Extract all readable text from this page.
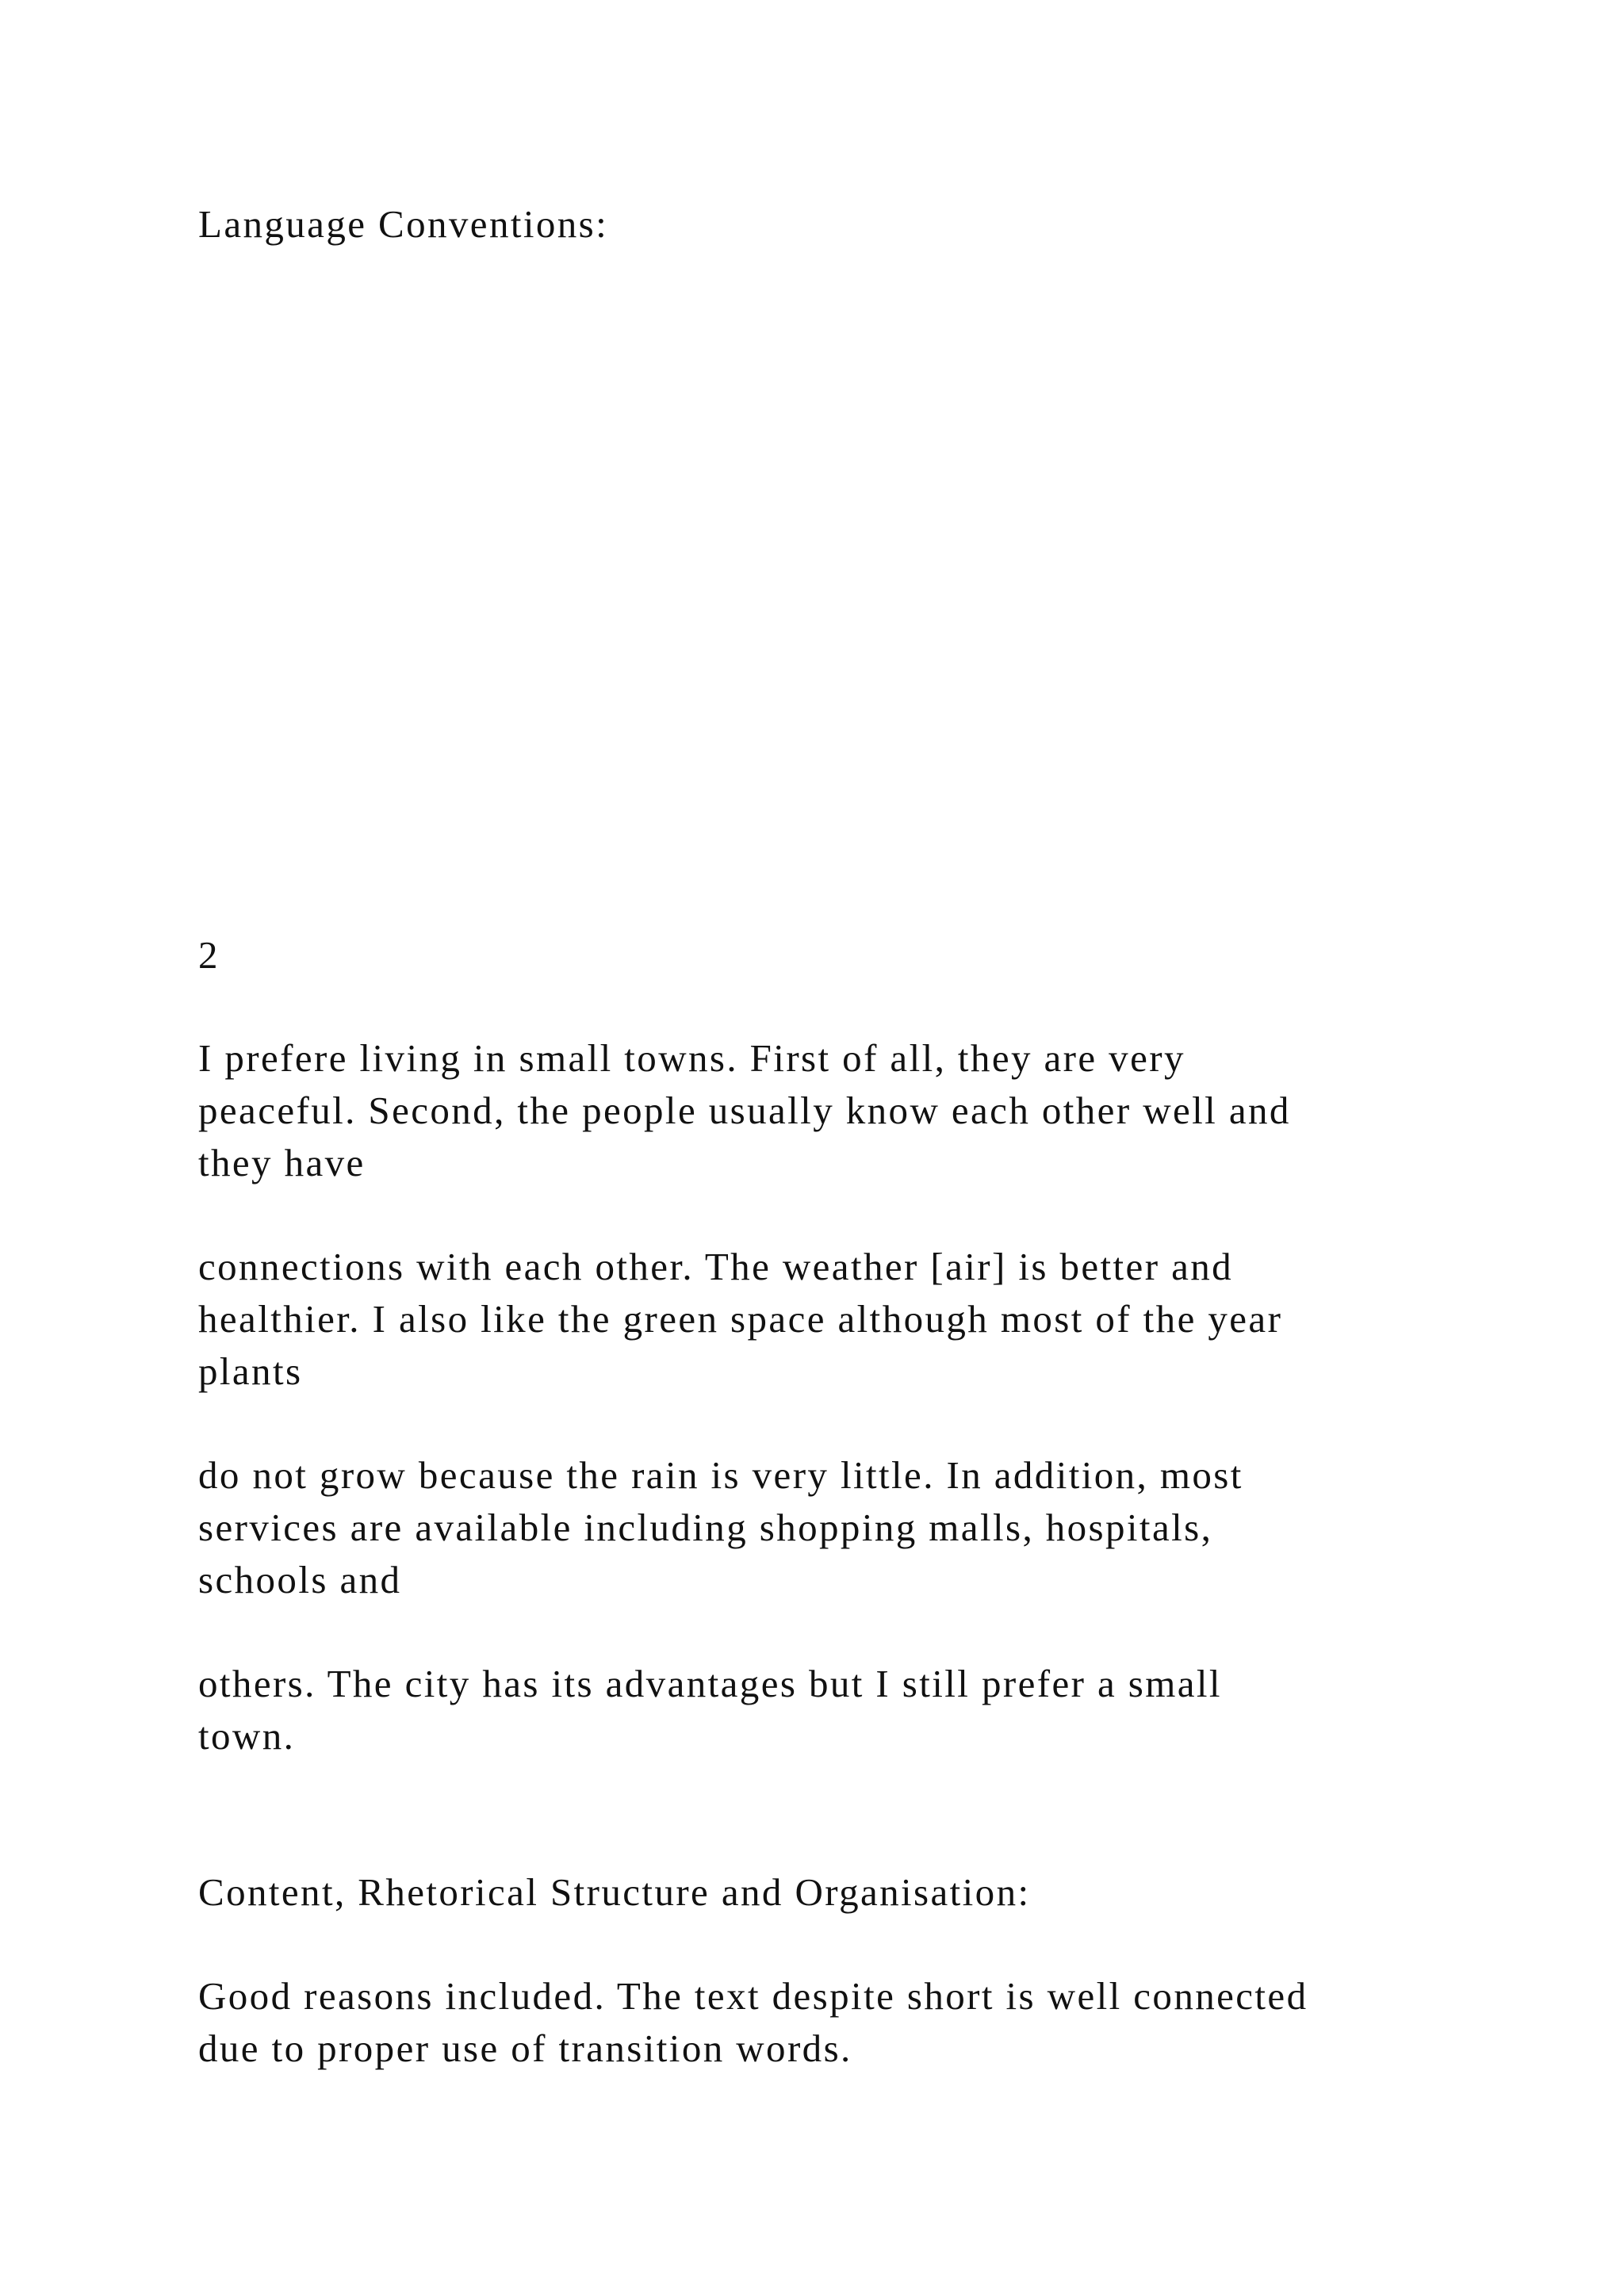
Language Conventions:

2

I prefere living in small towns. First of all, they are very

peaceful. Second, the people usually know each other well and

they have

connections with each other. The weather [air] is better and

healthier. I also like the green space although most of the year

plants

do not grow because the rain is very little. In addition, most

services are available including shopping malls, hospitals,

schools and

others. The city has its advantages but I still prefer a small

town.

Content, Rhetorical Structure and Organisation:

Good reasons included. The text despite short is well connected

due to proper use of transition words.
